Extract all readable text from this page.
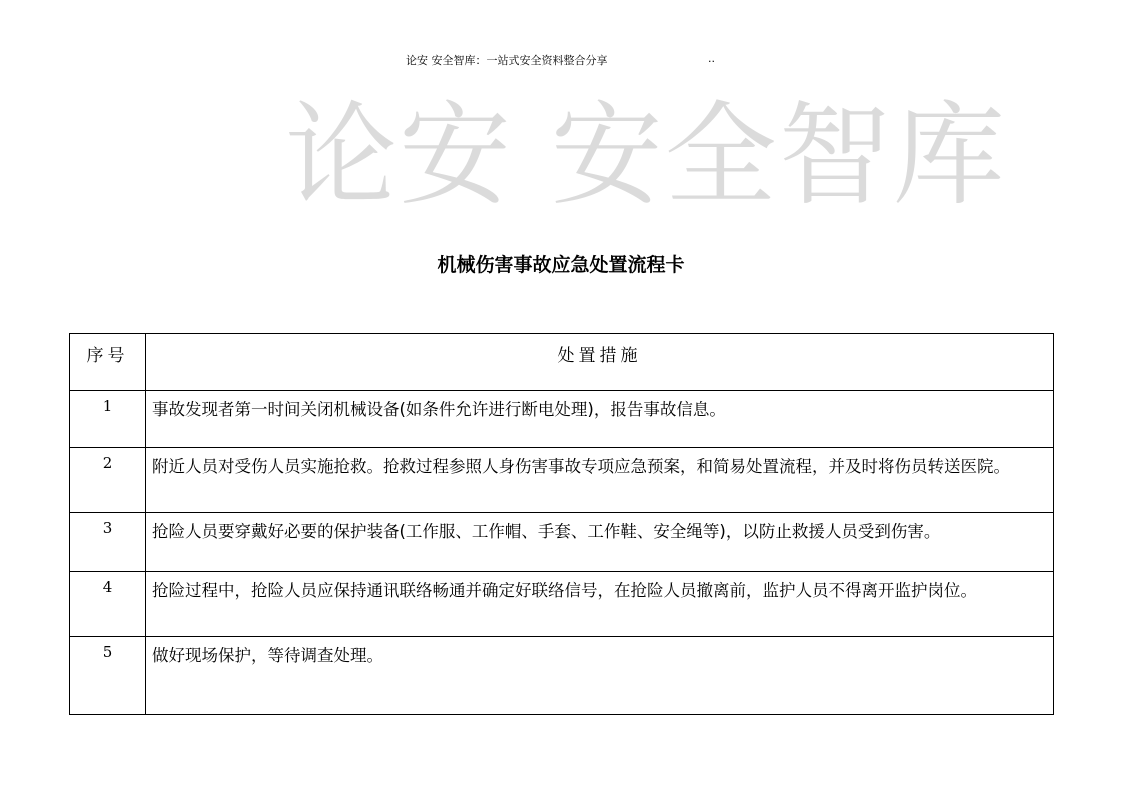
论安 安全智库：一站式安全资料整合分享	..
论安 安全智库
机械伤害事故应急处置流程卡
序号	处置措施
1	事故发现者第一时间关闭机械设备(如条件允许进行断电处理)，报告事故信息。
2	附近人员对受伤人员实施抢救。抢救过程参照人身伤害事故专项应急预案，和简易处置流程，并及时将伤员转送医院。
3	抢险人员要穿戴好必要的保护装备(工作服、工作帽、手套、工作鞋、安全绳等)，以防止救援人员受到伤害。
4	抢险过程中，抢险人员应保持通讯联络畅通并确定好联络信号，在抢险人员撤离前，监护人员不得离开监护岗位。
5	做好现场保护，等待调查处理。
